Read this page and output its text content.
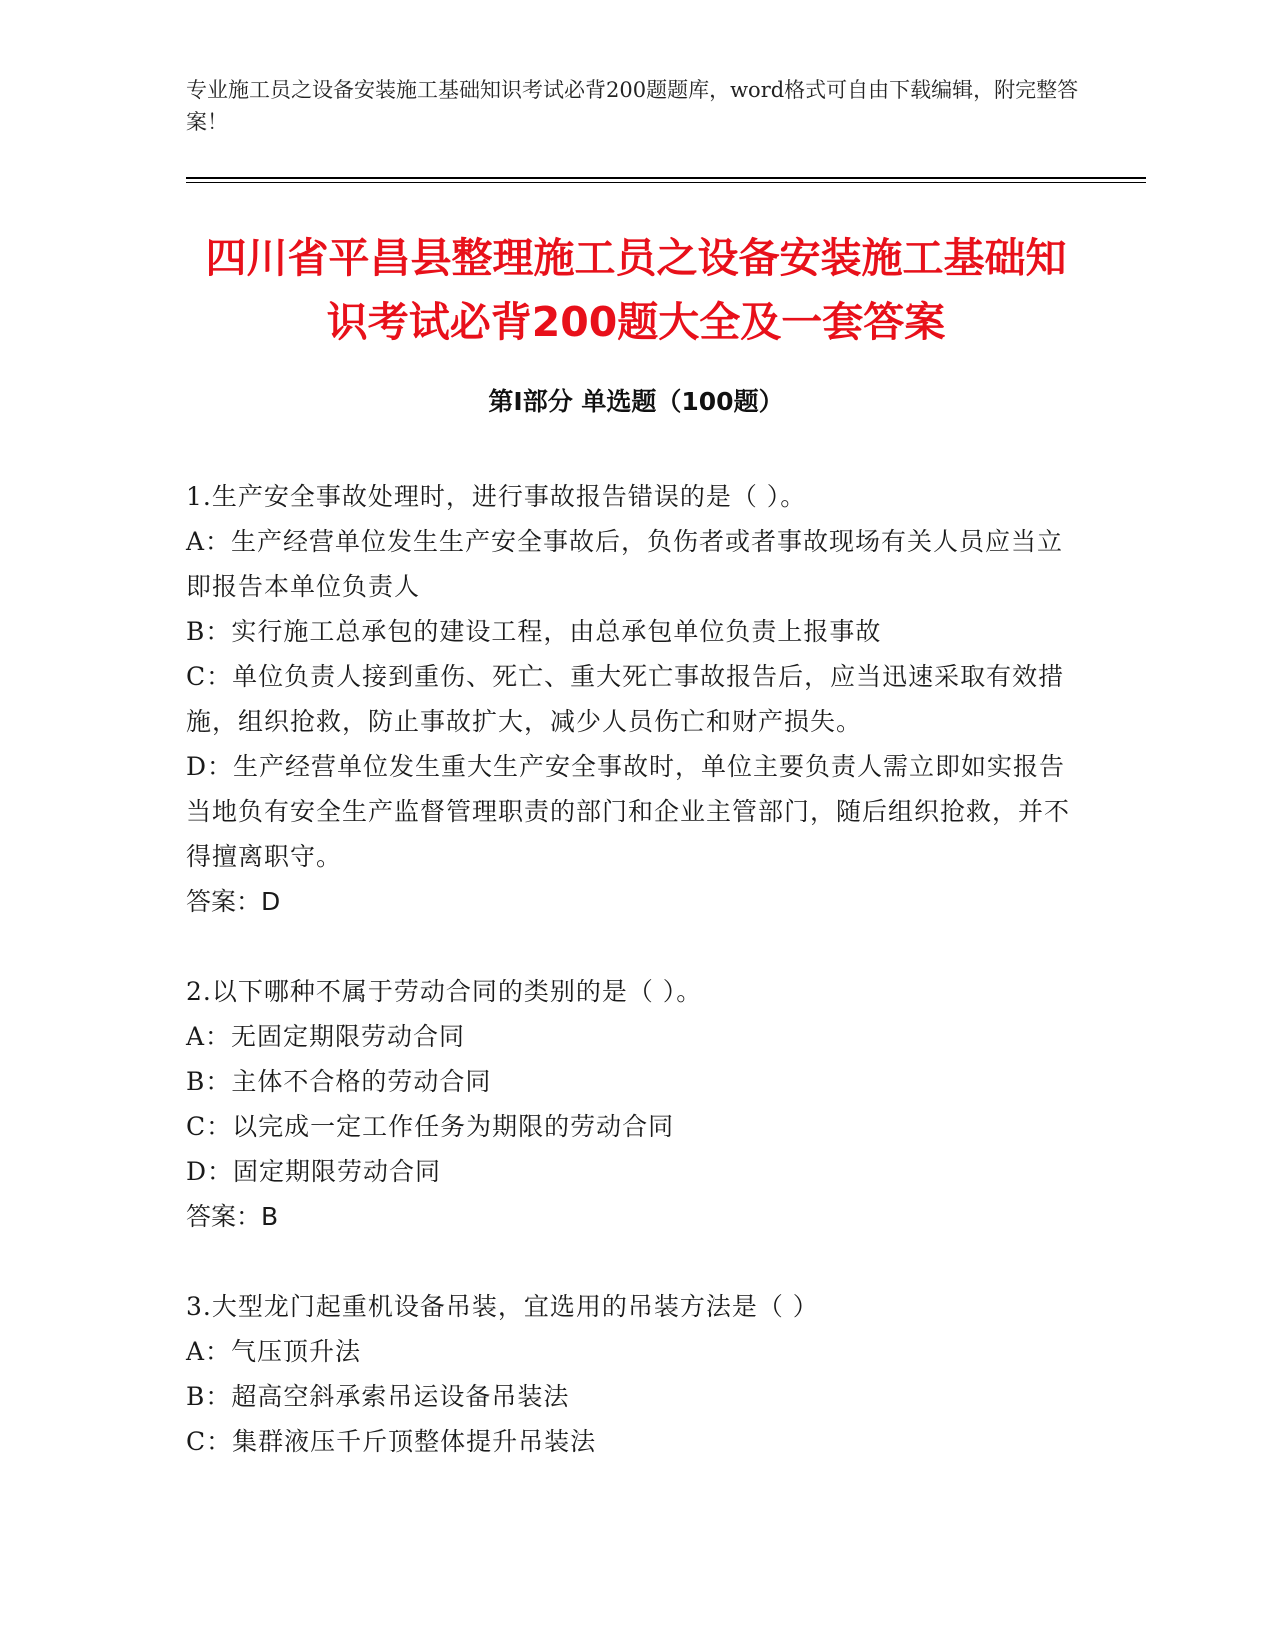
专业施工员之设备安装施工基础知识考试必背200题题库，word格式可自由下载编辑，附完整答案！
四川省平昌县整理施工员之设备安装施工基础知识考试必背200题大全及一套答案
第Ⅰ部分 单选题（100题）

1.生产安全事故处理时，进行事故报告错误的是（ ）。

A：生产经营单位发生生产安全事故后，负伤者或者事故现场有关人员应当立即报告本单位负责人

B：实行施工总承包的建设工程，由总承包单位负责上报事故

C：单位负责人接到重伤、死亡、重大死亡事故报告后，应当迅速采取有效措施，组织抢救，防止事故扩大，减少人员伤亡和财产损失。

D：生产经营单位发生重大生产安全事故时，单位主要负责人需立即如实报告当地负有安全生产监督管理职责的部门和企业主管部门，随后组织抢救，并不得擅离职守。

答案：D

2.以下哪种不属于劳动合同的类别的是（ ）。

A：无固定期限劳动合同

B：主体不合格的劳动合同

C：以完成一定工作任务为期限的劳动合同

D：固定期限劳动合同

答案：B

3.大型龙门起重机设备吊装，宜选用的吊装方法是（ ）

A：气压顶升法

B：超高空斜承索吊运设备吊装法

C：集群液压千斤顶整体提升吊装法
